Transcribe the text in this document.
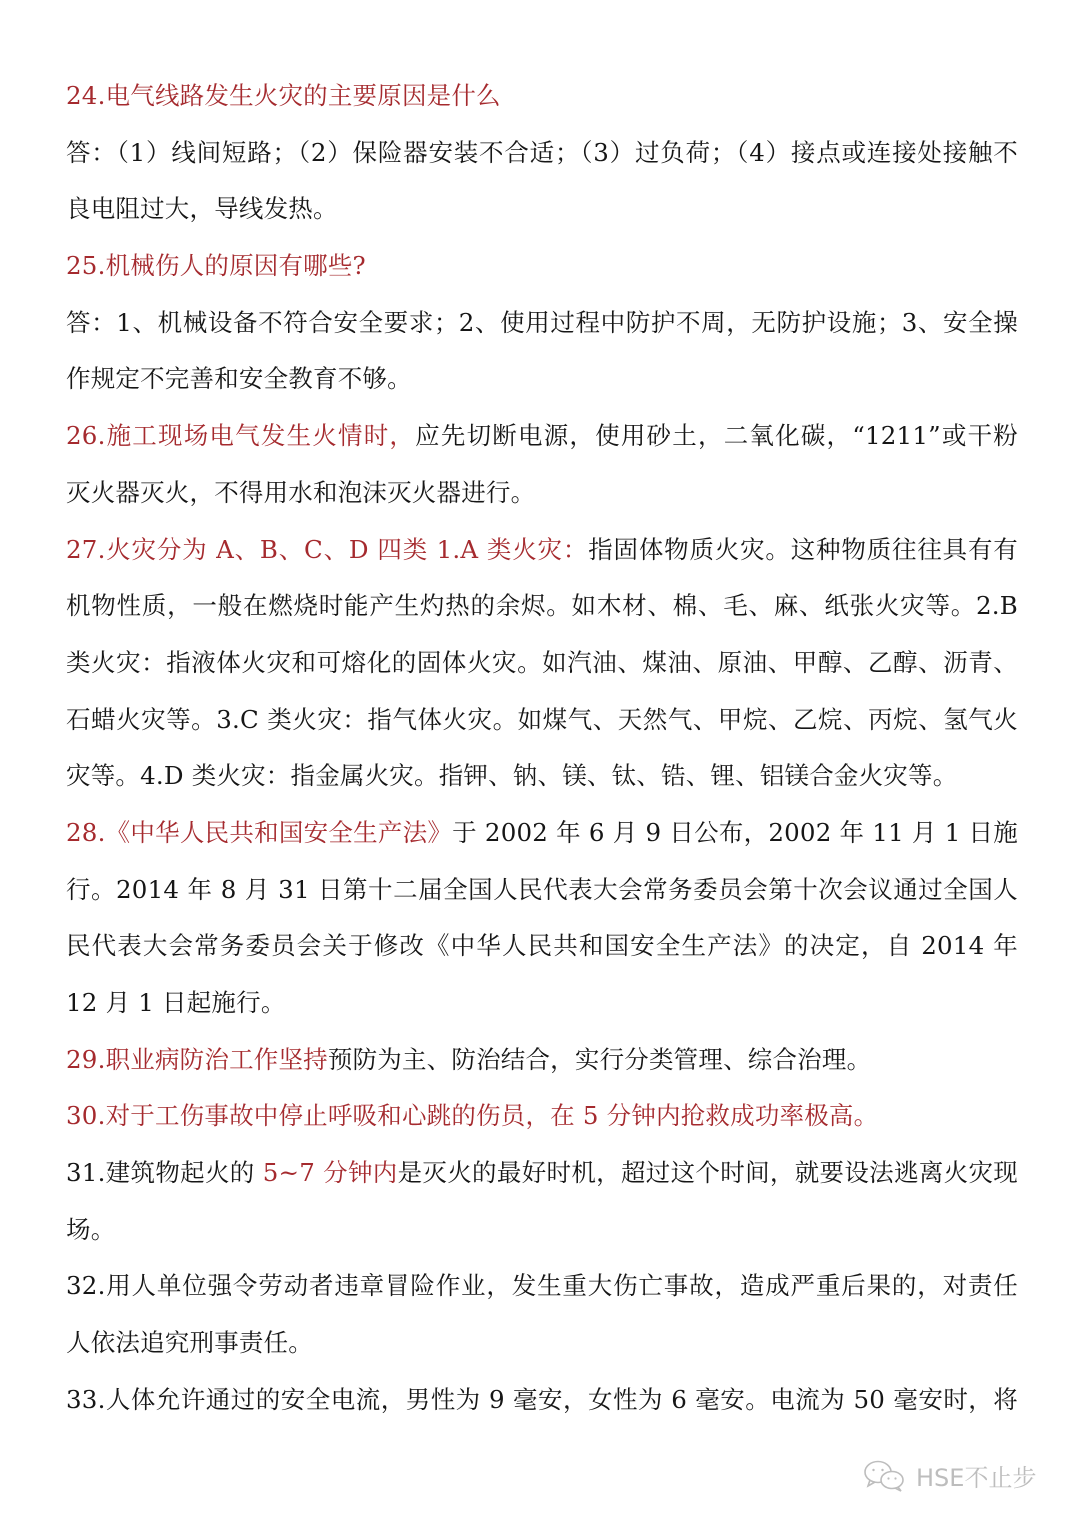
24.电气线路发生火灾的主要原因是什么
答：（1）线间短路；（2）保险器安装不合适；（3）过负荷；（4）接点或连接处接触不
良电阻过大，导线发热。
25.机械伤人的原因有哪些?
答：1、机械设备不符合安全要求；2、使用过程中防护不周，无防护设施；3、安全操
作规定不完善和安全教育不够。
26.施工现场电气发生火情时，应先切断电源，使用砂土，二氧化碳，“1211”或干粉
灭火器灭火，不得用水和泡沫灭火器进行。
27.火灾分为 A、B、C、D 四类 1.A 类火灾：指固体物质火灾。这种物质往往具有有
机物性质，一般在燃烧时能产生灼热的余烬。如木材、棉、毛、麻、纸张火灾等。2.B
类火灾：指液体火灾和可熔化的固体火灾。如汽油、煤油、原油、甲醇、乙醇、沥青、
石蜡火灾等。3.C 类火灾：指气体火灾。如煤气、天然气、甲烷、乙烷、丙烷、氢气火
灾等。4.D 类火灾：指金属火灾。指钾、钠、镁、钛、锆、锂、铝镁合金火灾等。
28.《中华人民共和国安全生产法》于 2002 年 6 月 9 日公布，2002 年 11 月 1 日施
行。2014 年 8 月 31 日第十二届全国人民代表大会常务委员会第十次会议通过全国人
民代表大会常务委员会关于修改《中华人民共和国安全生产法》的决定，自 2014 年
12 月 1 日起施行。
29.职业病防治工作坚持预防为主、防治结合，实行分类管理、综合治理。
30.对于工伤事故中停止呼吸和心跳的伤员，在 5 分钟内抢救成功率极高。
31.建筑物起火的 5~7 分钟内是灭火的最好时机，超过这个时间，就要设法逃离火灾现
场。
32.用人单位强令劳动者违章冒险作业，发生重大伤亡事故，造成严重后果的，对责任
人依法追究刑事责任。
33.人体允许通过的安全电流，男性为 9 毫安，女性为 6 毫安。电流为 50 毫安时，将
HSE不止步
